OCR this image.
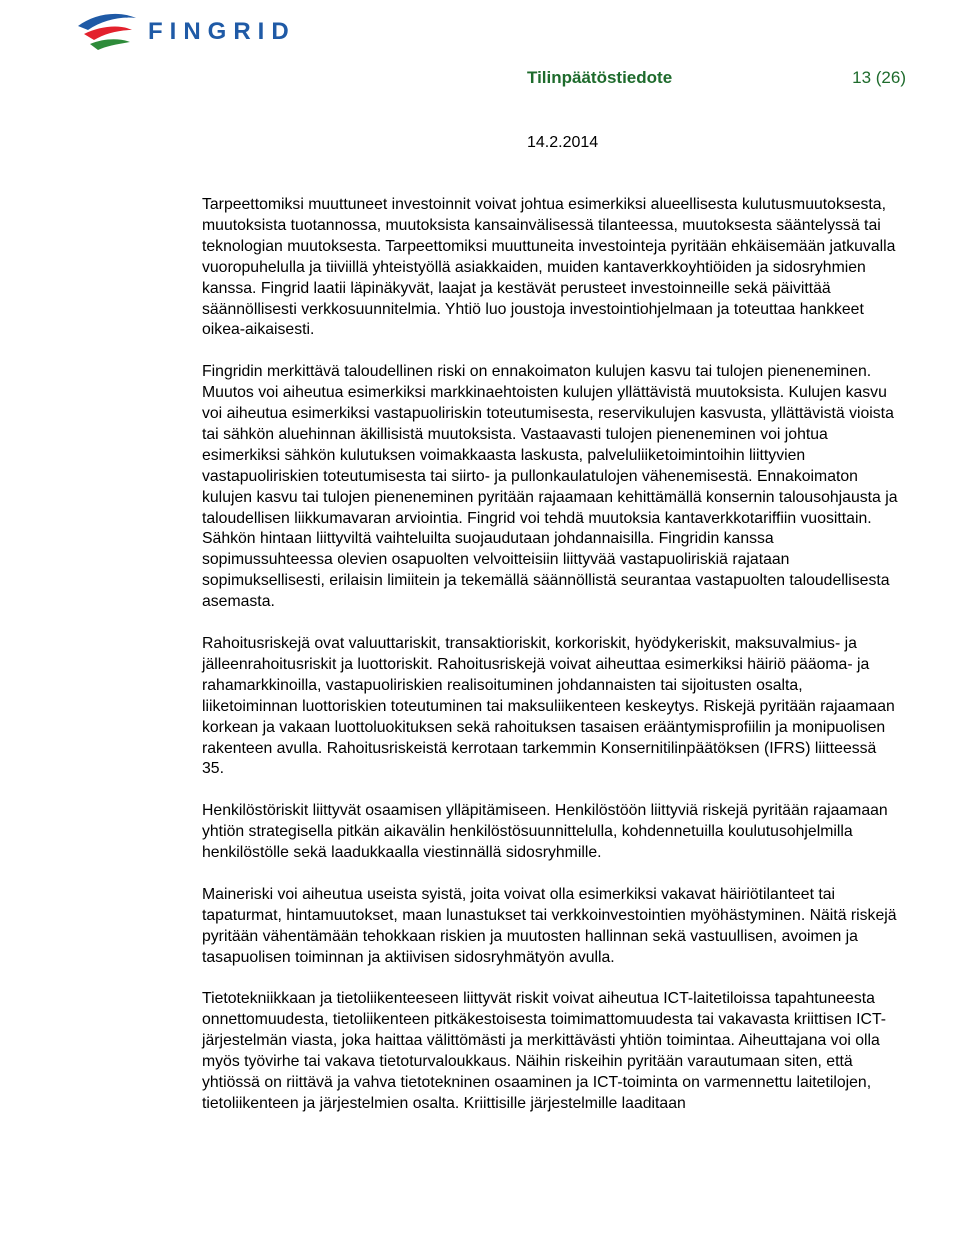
FINGRID
Tilinpäätöstiedote	13 (26)
14.2.2014

Tarpeettomiksi muuttuneet investoinnit voivat johtua esimerkiksi alueellisesta kulutusmuutoksesta, muutoksista tuotannossa, muutoksista kansainvälisessä tilanteessa, muutoksesta sääntelyssä tai teknologian muutoksesta. Tarpeettomiksi muuttuneita investointeja pyritään ehkäisemään jatkuvalla vuoropuhelulla ja tiiviillä yhteistyöllä asiakkaiden, muiden kantaverkkoyhtiöiden ja sidosryhmien kanssa. Fingrid laatii läpinäkyvät, laajat ja kestävät perusteet investoinneille sekä päivittää säännöllisesti verkkosuunnitelmia. Yhtiö luo joustoja investointiohjelmaan ja toteuttaa hankkeet oikea-aikaisesti.

Fingridin merkittävä taloudellinen riski on ennakoimaton kulujen kasvu tai tulojen pieneneminen. Muutos voi aiheutua esimerkiksi markkinaehtoisten kulujen yllättävistä muutoksista. Kulujen kasvu voi aiheutua esimerkiksi vastapuoliriskin toteutumisesta, reservikulujen kasvusta, yllättävistä vioista tai sähkön aluehinnan äkillisistä muutoksista. Vastaavasti tulojen pieneneminen voi johtua esimerkiksi sähkön kulutuksen voimakkaasta laskusta, palveluliiketoimintoihin liittyvien vastapuoliriskien toteutumisesta tai siirto- ja pullonkaulatulojen vähenemisestä. Ennakoimaton kulujen kasvu tai tulojen pieneneminen pyritään rajaamaan kehittämällä konsernin talousohjausta ja taloudellisen liikkumavaran arviointia. Fingrid voi tehdä muutoksia kantaverkkotariffiin vuosittain. Sähkön hintaan liittyviltä vaihteluilta suojaudutaan johdannaisilla. Fingridin kanssa sopimussuhteessa olevien osapuolten velvoitteisiin liittyvää vastapuoliriskiä rajataan sopimuksellisesti, erilaisin limiitein ja tekemällä säännöllistä seurantaa vastapuolten taloudellisesta asemasta.

Rahoitusriskejä ovat valuuttariskit, transaktioriskit, korkoriskit, hyödykeriskit, maksuvalmius- ja jälleenrahoitusriskit ja luottoriskit. Rahoitusriskejä voivat aiheuttaa esimerkiksi häiriö pääoma- ja rahamarkkinoilla, vastapuoliriskien realisoituminen johdannaisten tai sijoitusten osalta, liiketoiminnan luottoriskien toteutuminen tai maksuliikenteen keskeytys. Riskejä pyritään rajaamaan korkean ja vakaan luottoluokituksen sekä rahoituksen tasaisen erääntymisprofiilin ja monipuolisen rakenteen avulla. Rahoitusriskeistä kerrotaan tarkemmin Konsernitilinpäätöksen (IFRS) liitteessä 35.

Henkilöstöriskit liittyvät osaamisen ylläpitämiseen. Henkilöstöön liittyviä riskejä pyritään rajaamaan yhtiön strategisella pitkän aikavälin henkilöstösuunnittelulla, kohdennetuilla koulutusohjelmilla henkilöstölle sekä laadukkaalla viestinnällä sidosryhmille.

Maineriski voi aiheutua useista syistä, joita voivat olla esimerkiksi vakavat häiriötilanteet tai tapaturmat, hintamuutokset, maan lunastukset tai verkkoinvestointien myöhästyminen. Näitä riskejä pyritään vähentämään tehokkaan riskien ja muutosten hallinnan sekä vastuullisen, avoimen ja tasapuolisen toiminnan ja aktiivisen sidosryhmätyön avulla.

Tietotekniikkaan ja tietoliikenteeseen liittyvät riskit voivat aiheutua ICT-laitetiloissa tapahtuneesta onnettomuudesta, tietoliikenteen pitkäkestoisesta toimimattomuudesta tai vakavasta kriittisen ICT-järjestelmän viasta, joka haittaa välittömästi ja merkittävästi yhtiön toimintaa. Aiheuttajana voi olla myös työvirhe tai vakava tietoturvaloukkaus. Näihin riskeihin pyritään varautumaan siten, että yhtiössä on riittävä ja vahva tietotekninen osaaminen ja ICT-toiminta on varmennettu laitetilojen, tietoliikenteen ja järjestelmien osalta. Kriittisille järjestelmille laaditaan
